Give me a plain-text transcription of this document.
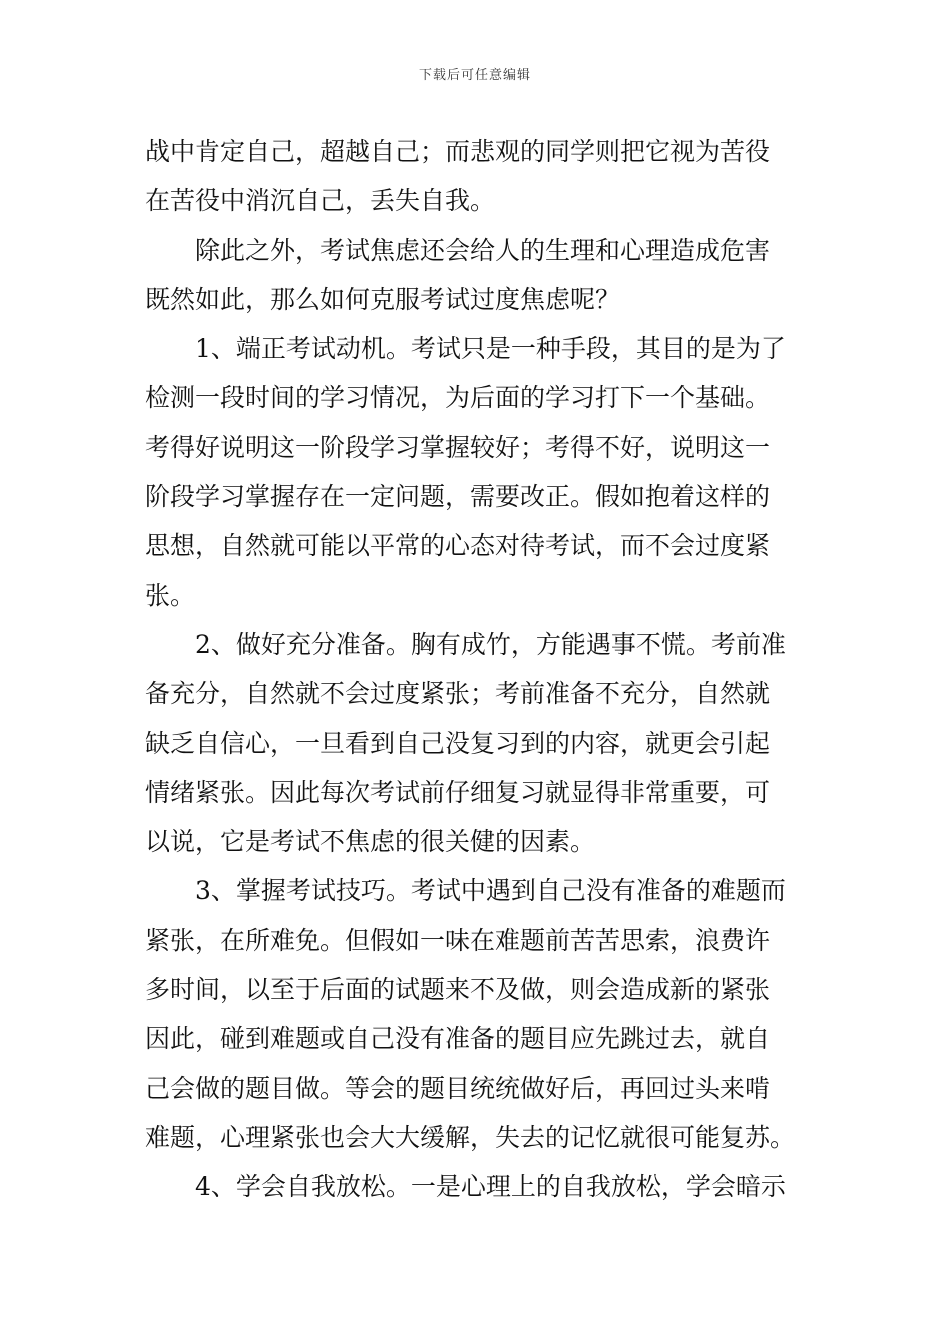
下载后可任意编辑
战中肯定自己，超越自己；而悲观的同学则把它视为苦役
在苦役中消沉自己，丢失自我。
除此之外，考试焦虑还会给人的生理和心理造成危害
既然如此，那么如何克服考试过度焦虑呢？
1、端正考试动机。考试只是一种手段，其目的是为了
检测一段时间的学习情况，为后面的学习打下一个基础。
考得好说明这一阶段学习掌握较好；考得不好，说明这一
阶段学习掌握存在一定问题，需要改正。假如抱着这样的
思想，自然就可能以平常的心态对待考试，而不会过度紧
张。
2、做好充分准备。胸有成竹，方能遇事不慌。考前准
备充分，自然就不会过度紧张；考前准备不充分，自然就
缺乏自信心，一旦看到自己没复习到的内容，就更会引起
情绪紧张。因此每次考试前仔细复习就显得非常重要，可
以说，它是考试不焦虑的很关健的因素。
3、掌握考试技巧。考试中遇到自己没有准备的难题而
紧张，在所难免。但假如一味在难题前苦苦思索，浪费许
多时间，以至于后面的试题来不及做，则会造成新的紧张
因此，碰到难题或自己没有准备的题目应先跳过去，就自
己会做的题目做。等会的题目统统做好后，再回过头来啃
难题，心理紧张也会大大缓解，失去的记忆就很可能复苏。
4、学会自我放松。一是心理上的自我放松，学会暗示
